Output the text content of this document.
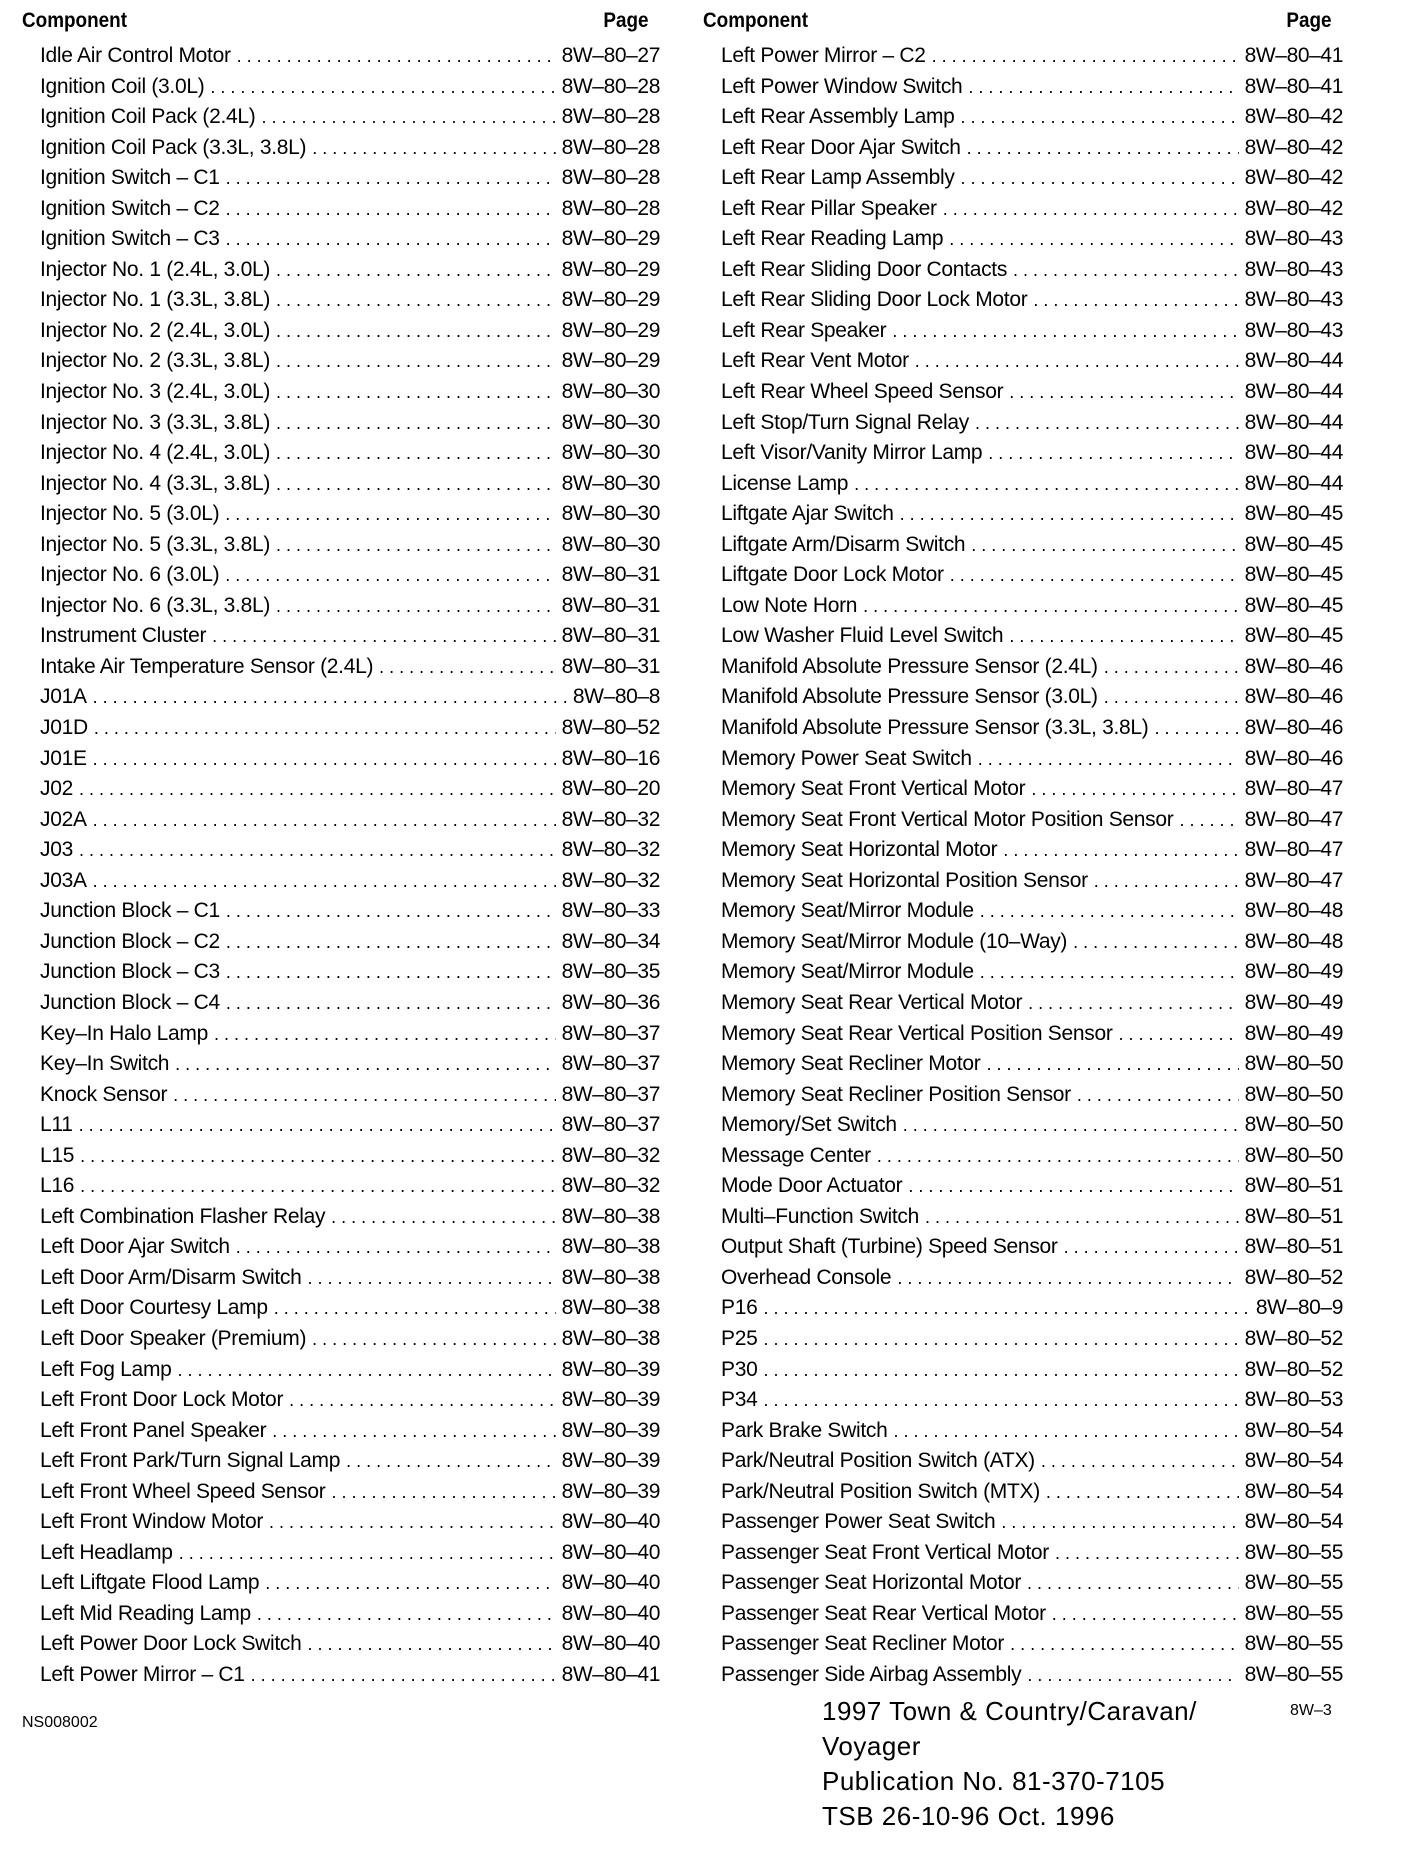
Component	Page
Idle Air Control Motor .....	8W–80–27
Ignition Coil (3.0L) .....	8W–80–28
Ignition Coil Pack (2.4L) .....	8W–80–28
Ignition Coil Pack (3.3L, 3.8L) .....	8W–80–28
Ignition Switch – C1 .....	8W–80–28
Ignition Switch – C2 .....	8W–80–28
Ignition Switch – C3 .....	8W–80–29
Injector No. 1 (2.4L, 3.0L) .....	8W–80–29
Injector No. 1 (3.3L, 3.8L) .....	8W–80–29
Injector No. 2 (2.4L, 3.0L) .....	8W–80–29
Injector No. 2 (3.3L, 3.8L) .....	8W–80–29
Injector No. 3 (2.4L, 3.0L) .....	8W–80–30
Injector No. 3 (3.3L, 3.8L) .....	8W–80–30
Injector No. 4 (2.4L, 3.0L) .....	8W–80–30
Injector No. 4 (3.3L, 3.8L) .....	8W–80–30
Injector No. 5 (3.0L) .....	8W–80–30
Injector No. 5 (3.3L, 3.8L) .....	8W–80–30
Injector No. 6 (3.0L) .....	8W–80–31
Injector No. 6 (3.3L, 3.8L) .....	8W–80–31
Instrument Cluster .....	8W–80–31
Intake Air Temperature Sensor (2.4L) .....	8W–80–31
J01A .....	8W–80–8
J01D .....	8W–80–52
J01E .....	8W–80–16
J02 .....	8W–80–20
J02A .....	8W–80–32
J03 .....	8W–80–32
J03A .....	8W–80–32
Junction Block – C1 .....	8W–80–33
Junction Block – C2 .....	8W–80–34
Junction Block – C3 .....	8W–80–35
Junction Block – C4 .....	8W–80–36
Key–In Halo Lamp .....	8W–80–37
Key–In Switch .....	8W–80–37
Knock Sensor .....	8W–80–37
L11 .....	8W–80–37
L15 .....	8W–80–32
L16 .....	8W–80–32
Left Combination Flasher Relay .....	8W–80–38
Left Door Ajar Switch .....	8W–80–38
Left Door Arm/Disarm Switch .....	8W–80–38
Left Door Courtesy Lamp .....	8W–80–38
Left Door Speaker (Premium) .....	8W–80–38
Left Fog Lamp .....	8W–80–39
Left Front Door Lock Motor .....	8W–80–39
Left Front Panel Speaker .....	8W–80–39
Left Front Park/Turn Signal Lamp .....	8W–80–39
Left Front Wheel Speed Sensor .....	8W–80–39
Left Front Window Motor .....	8W–80–40
Left Headlamp .....	8W–80–40
Left Liftgate Flood Lamp .....	8W–80–40
Left Mid Reading Lamp .....	8W–80–40
Left Power Door Lock Switch .....	8W–80–40
Left Power Mirror – C1 .....	8W–80–41
Component	Page
Left Power Mirror – C2 .....	8W–80–41
Left Power Window Switch .....	8W–80–41
Left Rear Assembly Lamp .....	8W–80–42
Left Rear Door Ajar Switch .....	8W–80–42
Left Rear Lamp Assembly .....	8W–80–42
Left Rear Pillar Speaker .....	8W–80–42
Left Rear Reading Lamp .....	8W–80–43
Left Rear Sliding Door Contacts .....	8W–80–43
Left Rear Sliding Door Lock Motor .....	8W–80–43
Left Rear Speaker .....	8W–80–43
Left Rear Vent Motor .....	8W–80–44
Left Rear Wheel Speed Sensor .....	8W–80–44
Left Stop/Turn Signal Relay .....	8W–80–44
Left Visor/Vanity Mirror Lamp .....	8W–80–44
License Lamp .....	8W–80–44
Liftgate Ajar Switch .....	8W–80–45
Liftgate Arm/Disarm Switch .....	8W–80–45
Liftgate Door Lock Motor .....	8W–80–45
Low Note Horn .....	8W–80–45
Low Washer Fluid Level Switch .....	8W–80–45
Manifold Absolute Pressure Sensor (2.4L) .....	8W–80–46
Manifold Absolute Pressure Sensor (3.0L) .....	8W–80–46
Manifold Absolute Pressure Sensor (3.3L, 3.8L) .....	8W–80–46
Memory Power Seat Switch .....	8W–80–46
Memory Seat Front Vertical Motor .....	8W–80–47
Memory Seat Front Vertical Motor Position Sensor .....	8W–80–47
Memory Seat Horizontal Motor .....	8W–80–47
Memory Seat Horizontal Position Sensor .....	8W–80–47
Memory Seat/Mirror Module .....	8W–80–48
Memory Seat/Mirror Module (10–Way) .....	8W–80–48
Memory Seat/Mirror Module .....	8W–80–49
Memory Seat Rear Vertical Motor .....	8W–80–49
Memory Seat Rear Vertical Position Sensor .....	8W–80–49
Memory Seat Recliner Motor .....	8W–80–50
Memory Seat Recliner Position Sensor .....	8W–80–50
Memory/Set Switch .....	8W–80–50
Message Center .....	8W–80–50
Mode Door Actuator .....	8W–80–51
Multi–Function Switch .....	8W–80–51
Output Shaft (Turbine) Speed Sensor .....	8W–80–51
Overhead Console .....	8W–80–52
P16 .....	8W–80–9
P25 .....	8W–80–52
P30 .....	8W–80–52
P34 .....	8W–80–53
Park Brake Switch .....	8W–80–54
Park/Neutral Position Switch (ATX) .....	8W–80–54
Park/Neutral Position Switch (MTX) .....	8W–80–54
Passenger Power Seat Switch .....	8W–80–54
Passenger Seat Front Vertical Motor .....	8W–80–55
Passenger Seat Horizontal Motor .....	8W–80–55
Passenger Seat Rear Vertical Motor .....	8W–80–55
Passenger Seat Recliner Motor .....	8W–80–55
Passenger Side Airbag Assembly .....	8W–80–55
NS008002	1997 Town & Country/Caravan/
Voyager
Publication No. 81-370-7105
TSB 26-10-96 Oct. 1996
8W–3
